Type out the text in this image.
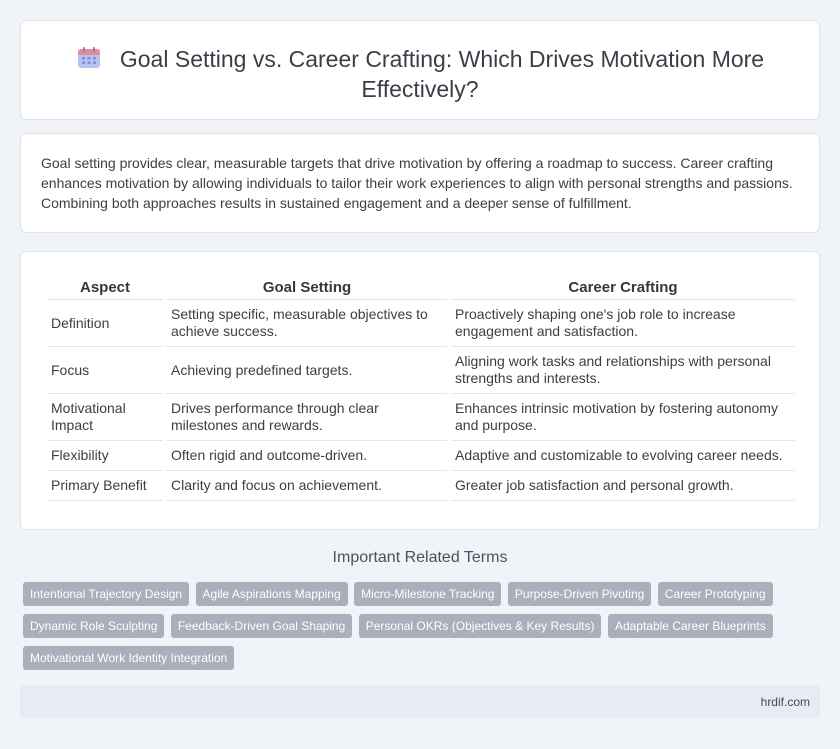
Goal Setting vs. Career Crafting: Which Drives Motivation More Effectively?

Goal setting provides clear, measurable targets that drive motivation by offering a roadmap to success. Career crafting enhances motivation by allowing individuals to tailor their work experiences to align with personal strengths and passions. Combining both approaches results in sustained engagement and a deeper sense of fulfillment.

Aspect	Goal Setting	Career Crafting
Definition	Setting specific, measurable objectives to achieve success.	Proactively shaping one's job role to increase engagement and satisfaction.
Focus	Achieving predefined targets.	Aligning work tasks and relationships with personal strengths and interests.
Motivational Impact	Drives performance through clear milestones and rewards.	Enhances intrinsic motivation by fostering autonomy and purpose.
Flexibility	Often rigid and outcome-driven.	Adaptive and customizable to evolving career needs.
Primary Benefit	Clarity and focus on achievement.	Greater job satisfaction and personal growth.
Important Related Terms
Intentional Trajectory Design Agile Aspirations Mapping Micro-Milestone Tracking Purpose-Driven Pivoting Career Prototyping Dynamic Role Sculpting Feedback-Driven Goal Shaping Personal OKRs (Objectives & Key Results) Adaptable Career Blueprints Motivational Work Identity Integration
hrdif.com
